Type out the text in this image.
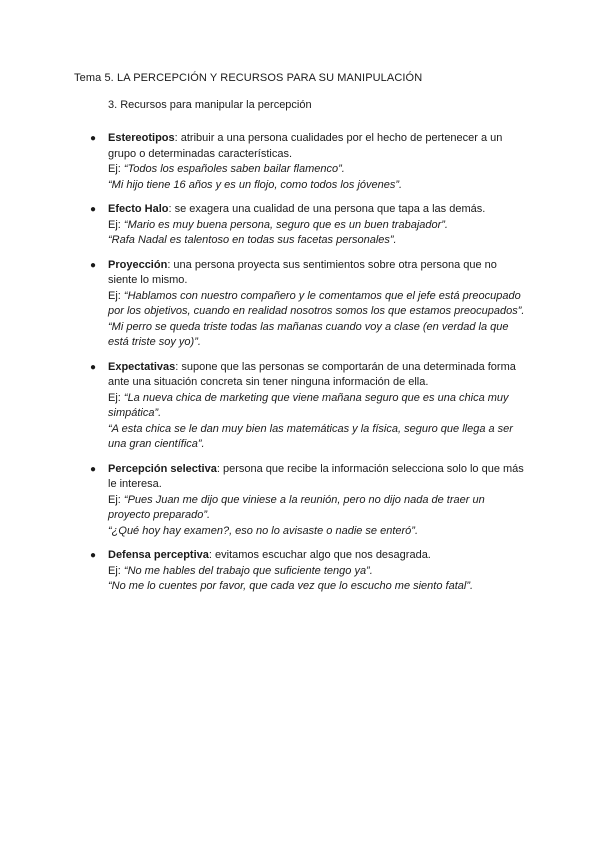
Tema 5. LA PERCEPCIÓN Y RECURSOS PARA SU MANIPULACIÓN
3. Recursos para manipular la percepción
● Estereotipos: atribuir a una persona cualidades por el hecho de pertenecer a un grupo o determinadas características.
Ej: “Todos los españoles saben bailar flamenco”.
“Mi hijo tiene 16 años y es un flojo, como todos los jóvenes”.
● Efecto Halo: se exagera una cualidad de una persona que tapa a las demás.
Ej: “Mario es muy buena persona, seguro que es un buen trabajador”.
“Rafa Nadal es talentoso en todas sus facetas personales”.
● Proyección: una persona proyecta sus sentimientos sobre otra persona que no siente lo mismo.
Ej: “Hablamos con nuestro compañero y le comentamos que el jefe está preocupado por los objetivos, cuando en realidad nosotros somos los que estamos preocupados”.
“Mi perro se queda triste todas las mañanas cuando voy a clase (en verdad la que está triste soy yo)”.
● Expectativas: supone que las personas se comportarán de una determinada forma ante una situación concreta sin tener ninguna información de ella.
Ej: “La nueva chica de marketing que viene mañana seguro que es una chica muy simpática”.
“A esta chica se le dan muy bien las matemáticas y la física, seguro que llega a ser una gran científica”.
● Percepción selectiva: persona que recibe la información selecciona solo lo que más le interesa.
Ej: “Pues Juan me dijo que viniese a la reunión, pero no dijo nada de traer un proyecto preparado”.
“¿Qué hoy hay examen?, eso no lo avisaste o nadie se enteró”.
● Defensa perceptiva: evitamos escuchar algo que nos desagrada.
Ej: “No me hables del trabajo que suficiente tengo ya”.
“No me lo cuentes por favor, que cada vez que lo escucho me siento fatal”.
